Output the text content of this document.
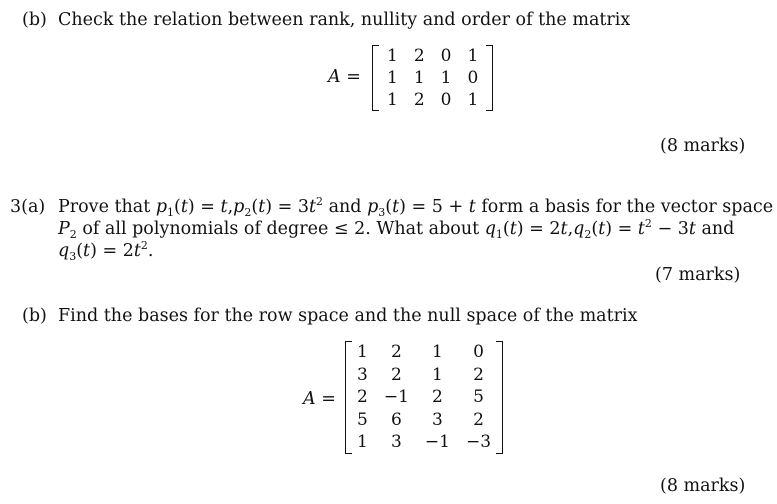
(b) Check the relation between rank, nullity and order of the matrix
A =
1	2	0	1
1	1	1	0
1	2	0	1
(8 marks)
3(a) Prove that $p_1(t) = t,p_2(t) = 3t^2$ and $p_3(t) = 5 + t$ form a basis for the vector space
$P_2$ of all polynomials of degree ≤ 2. What about $q_1(t) = 2t,q_2(t) = t^2 - 3t$ and
$q_3(t) = 2t^2$.
(7 marks)
(b) Find the bases for the row space and the null space of the matrix
A =
1	2	1	0
3	2	1	2
2	−1	2	5
5	6	3	2
1	3	−1	−3
(8 marks)
